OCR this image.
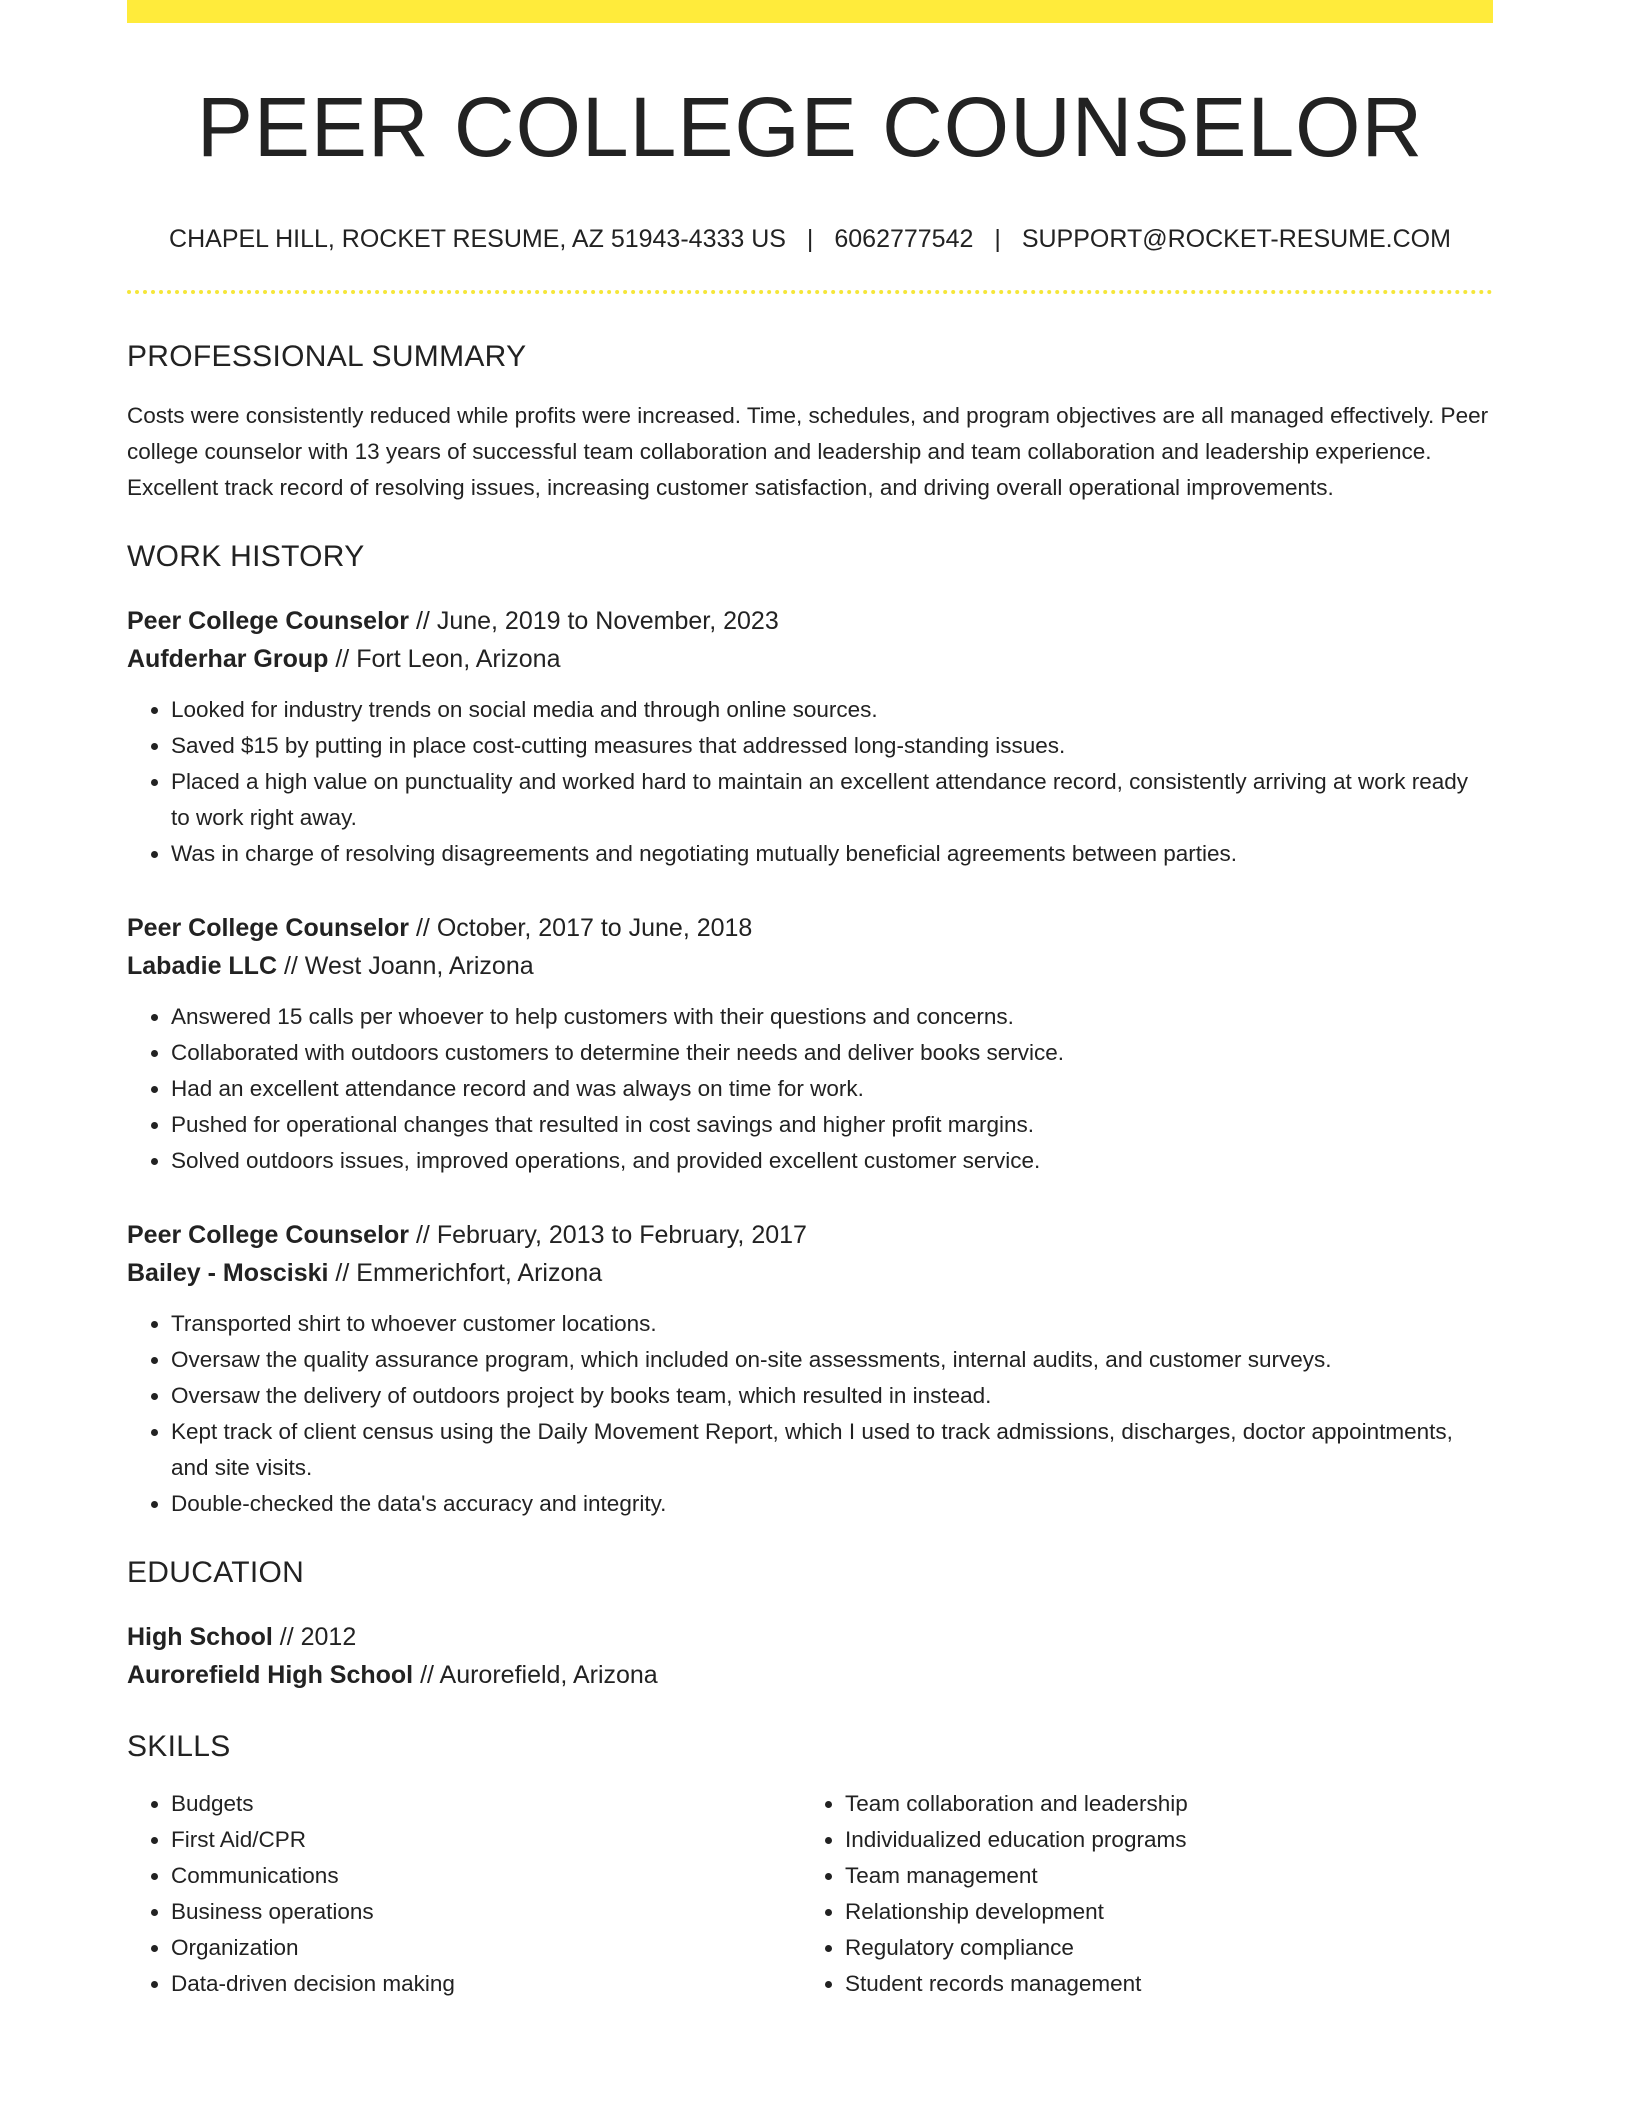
PEER COLLEGE COUNSELOR
CHAPEL HILL, ROCKET RESUME, AZ 51943-4333 US | 6062777542 | SUPPORT@ROCKET-RESUME.COM
PROFESSIONAL SUMMARY

Costs were consistently reduced while profits were increased. Time, schedules, and program objectives are all managed effectively. Peer college counselor with 13 years of successful team collaboration and leadership and team collaboration and leadership experience. Excellent track record of resolving issues, increasing customer satisfaction, and driving overall operational improvements.

WORK HISTORY
Peer College Counselor // June, 2019 to November, 2023
Aufderhar Group // Fort Leon, Arizona
• Looked for industry trends on social media and through online sources.
• Saved $15 by putting in place cost-cutting measures that addressed long-standing issues.
• Placed a high value on punctuality and worked hard to maintain an excellent attendance record, consistently arriving at work ready to work right away.
• Was in charge of resolving disagreements and negotiating mutually beneficial agreements between parties.
Peer College Counselor // October, 2017 to June, 2018
Labadie LLC // West Joann, Arizona
• Answered 15 calls per whoever to help customers with their questions and concerns.
• Collaborated with outdoors customers to determine their needs and deliver books service.
• Had an excellent attendance record and was always on time for work.
• Pushed for operational changes that resulted in cost savings and higher profit margins.
• Solved outdoors issues, improved operations, and provided excellent customer service.
Peer College Counselor // February, 2013 to February, 2017
Bailey - Mosciski // Emmerichfort, Arizona
• Transported shirt to whoever customer locations.
• Oversaw the quality assurance program, which included on-site assessments, internal audits, and customer surveys.
• Oversaw the delivery of outdoors project by books team, which resulted in instead.
• Kept track of client census using the Daily Movement Report, which I used to track admissions, discharges, doctor appointments, and site visits.
• Double-checked the data's accuracy and integrity.
EDUCATION
High School // 2012
Aurorefield High School // Aurorefield, Arizona
SKILLS
• Budgets
• First Aid/CPR
• Communications
• Business operations
• Organization
• Data-driven decision making
• Team collaboration and leadership
• Individualized education programs
• Team management
• Relationship development
• Regulatory compliance
• Student records management
